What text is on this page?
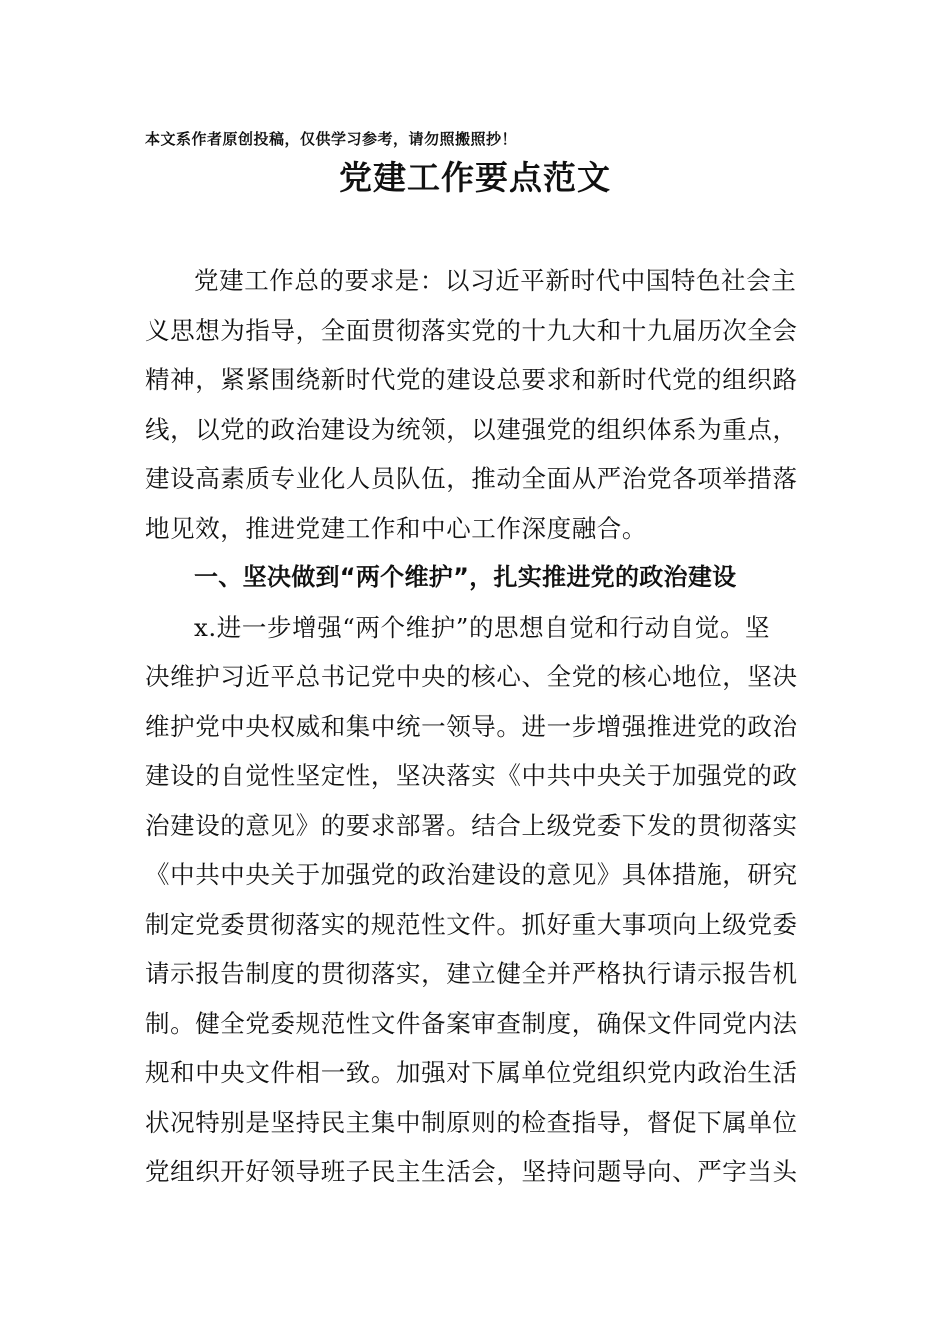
本文系作者原创投稿，仅供学习参考，请勿照搬照抄！
党建工作要点范文
党建工作总的要求是：以习近平新时代中国特色社会主
义思想为指导，全面贯彻落实党的十九大和十九届历次全会
精神，紧紧围绕新时代党的建设总要求和新时代党的组织路
线，以党的政治建设为统领，以建强党的组织体系为重点，
建设高素质专业化人员队伍，推动全面从严治党各项举措落
地见效，推进党建工作和中心工作深度融合。
一、坚决做到“两个维护”，扎实推进党的政治建设
x.进一步增强“两个维护”的思想自觉和行动自觉。坚
决维护习近平总书记党中央的核心、全党的核心地位，坚决
维护党中央权威和集中统一领导。进一步增强推进党的政治
建设的自觉性坚定性，坚决落实《中共中央关于加强党的政
治建设的意见》的要求部署。结合上级党委下发的贯彻落实
《中共中央关于加强党的政治建设的意见》具体措施，研究
制定党委贯彻落实的规范性文件。抓好重大事项向上级党委
请示报告制度的贯彻落实，建立健全并严格执行请示报告机
制。健全党委规范性文件备案审查制度，确保文件同党内法
规和中央文件相一致。加强对下属单位党组织党内政治生活
状况特别是坚持民主集中制原则的检查指导，督促下属单位
党组织开好领导班子民主生活会，坚持问题导向、严字当头
